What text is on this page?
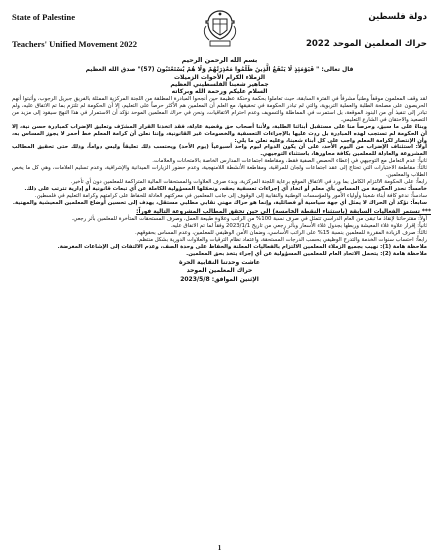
State of Palestine
Teachers' Unified Movement 2022
دولة فلسطين
حراك المعلمين الموحد 2022
بسم الله الرحمن الرحيم
قال تعالى: " فَيَوْمَئِذٍ لَا يَنْفَعُ الَّذِينَ ظَلَمُوا مَعْذِرَتُهُمْ وَلَا هُمْ يُسْتَعْتَبُونَ (57)" صدق الله العظيم
الزملاء الكرام الأخوات الزميلات
جماهير شعبنا الفلسطيني العظيم
السلام عليكم ورحمة الله وبركاته
لقد وقف المعلمون موقفاً وطنياً مشرفاً في الفترة السابقة، حيث تعاملوا بحكمة وحنكة عظيمة حين أنجحوا المبادرة المطلقة من اللجنة المركزية الممثلة بالفريق جبريل الرجوب، وأثبتوا أنهم الحريصون على مصلحة الطلبة والعملية التربوية، والتي لم تبادر الحكومة في تحقيقها، مع العلم أن المعلمين هم الأكثر حرصاً على التعليم، إلا أن الحكومة لم تلتزم بما تم الاتفاق عليه، ولم تبادر إلى تنفيذ أي من البنود الموقعة، بل استمرت في المماطلة والتسويف وعدم احترام الاتفاقيات، ونحن في حراك المعلمين الموحد نؤكد أن الاستمرار في هذا النهج سيقود إلى مزيد من التصعيد والاحتقان في الشارع التعليمي.
وبناءً على ما سبق، وحرصاً منا على مستقبل أبنائنا الطلبة، ولأننا أصحاب حق وقضية عادلة، فقد اتخذنا القرار المشرّف وتعليق الإضراب كمبادرة حسن نية، إلا أن الحكومة لم تستجب لهذه المبادرة بل ردت عليها بالإجراءات التعسفية والخصومات غير القانونية، وإننا نعلن أن كرامة المعلم خط أحمر لا يجوز المساس به، وأن الإنتصار لكرامة المعلم واجب على كل أبناء شعبنا، وعليه نعلن ما يلي:
أولاً: استئناف الإضراب من اليوم الأحد، على أن يكون الدوام ليوم واحد أسبوعياً (يوم الأحد) ويحتسب ذلك تعليقاً وليس دواماً، وذلك حتى تحقيق المطالب المشروعة والعادلة للمعلمين بكافة محاورها، باستثناء التوجيهي.
ثانياً: عدم التعامل مع التوجيهي في إعطاء الحصص الصفية فقط، ومقاطعة اجتماعات المدارس الخاصة بالامتحانات والعلامات.
ثالثاً: مقاطعة الاختبارات التي تحتاج إلى عقد اجتماعات ولجان للمراقبة، ومقاطعة الأنشطة اللامنهجية، وعدم حضور الزيارات الميدانية والإشرافية، وعدم تسليم العلامات، وهي كل ما يخص الطلاب والمعلمين.
رابعاً: على الحكومة الالتزام الكامل بما ورد في الاتفاق الموقع برعاية اللجنة المركزية، وبدء صرف العلاوات والمستحقات المالية المتراكمة للمعلمين دون أي تأخير.
خامساً: نحذر الحكومة من المساس بأي معلم أو اتخاذ أي إجراءات تعسفية بحقه، ونحمّلها المسؤولية الكاملة عن أي تبعات قانونية أو إدارية تترتب على ذلك.
سادساً: ندعو كافة أبناء شعبنا وأولياء الأمور والمؤسسات الوطنية والنقابية إلى الوقوف إلى جانب المعلمين في معركتهم العادلة للحفاظ على كرامتهم وكرامة التعليم في فلسطين.
سابعاً: نؤكد أن الحراك لا يمثل أي جهة سياسية أو فصائلية، وإنما هو حراك مهني نقابي مطلبي مستقل، يهدف إلى تحسين أوضاع المعلمين المعيشية والمهنية.
*** تستمر الفعاليات السابقة (باستثناء النقطة الخامسة) الى حين تحقق المطالب المشروعة التالية فوراً:
أولاً: مقترحاتنا لإنقاذ ما تبقى من العام الدراسي تتمثل في صرف نسبة 100% من الراتب وعلاوة طبيعة العمل، وصرف المستحقات المتأخرة للمعلمين بأثر رجعي.
ثانياً: إقرار علاوة غلاء المعيشة وربطها بجدول غلاء الأسعار وبأثر رجعي من تاريخ 2023/1/1 وفقاً لما تم الاتفاق عليه.
ثالثاً: صرف الزيادة المقررة للمعلمين بنسبة 15% على الراتب الأساسي، وضمان الأمن الوظيفي للمعلمين، وعدم المساس بحقوقهم.
رابعاً: احتساب سنوات الخدمة والتدرج الوظيفي بحسب الدرجات المستحقة، واعتماد نظام الترقيات والعلاوات الدورية بشكل منتظم.
ملاحظة هامة (1): نهيب بجميع الزملاء المعلمين الالتزام بالفعاليات المعلنة والحفاظ على وحدة الصف، وعدم الالتفات إلى الإشاعات المغرضة.
ملاحظة هامة (2): يتحمل الاتحاد العام للمعلمين المسؤولية عن أي إجراء يتخذ بحق المعلمين.
عاشت وحدتنا النقابية الحرة
حراك المعلمين الموحد
الإثنين الموافق: 2023/5/8
1
